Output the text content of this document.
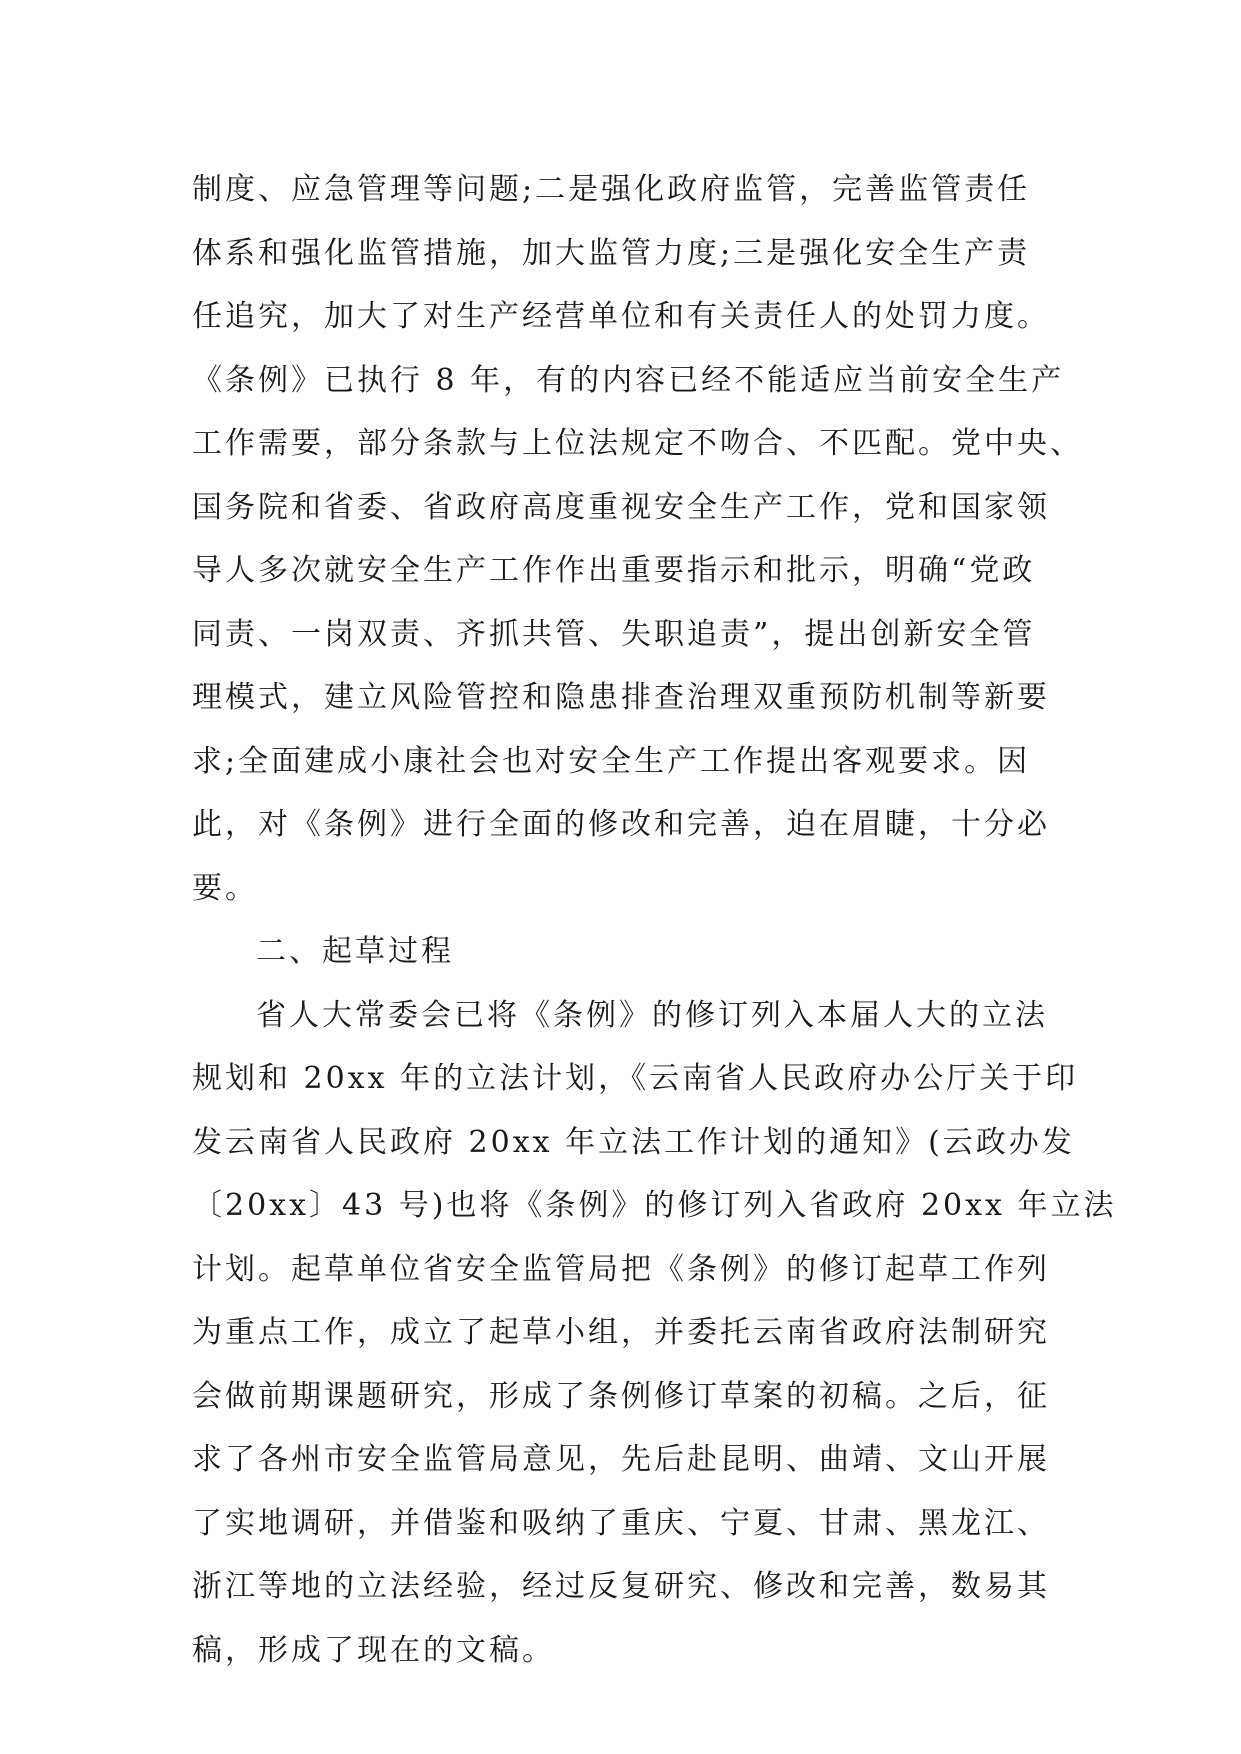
制度、应急管理等问题;二是强化政府监管，完善监管责任
体系和强化监管措施，加大监管力度;三是强化安全生产责
任追究，加大了对生产经营单位和有关责任人的处罚力度。
《条例》已执行 8 年，有的内容已经不能适应当前安全生产
工作需要，部分条款与上位法规定不吻合、不匹配。党中央、
国务院和省委、省政府高度重视安全生产工作，党和国家领
导人多次就安全生产工作作出重要指示和批示，明确“党政
同责、一岗双责、齐抓共管、失职追责”，提出创新安全管
理模式，建立风险管控和隐患排查治理双重预防机制等新要
求;全面建成小康社会也对安全生产工作提出客观要求。因
此，对《条例》进行全面的修改和完善，迫在眉睫，十分必
要。
二、起草过程
省人大常委会已将《条例》的修订列入本届人大的立法
规划和 20xx 年的立法计划，《云南省人民政府办公厅关于印
发云南省人民政府 20xx 年立法工作计划的通知》(云政办发
〔20xx〕43 号)也将《条例》的修订列入省政府 20xx 年立法
计划。起草单位省安全监管局把《条例》的修订起草工作列
为重点工作，成立了起草小组，并委托云南省政府法制研究
会做前期课题研究，形成了条例修订草案的初稿。之后，征
求了各州市安全监管局意见，先后赴昆明、曲靖、文山开展
了实地调研，并借鉴和吸纳了重庆、宁夏、甘肃、黑龙江、
浙江等地的立法经验，经过反复研究、修改和完善，数易其
稿，形成了现在的文稿。
